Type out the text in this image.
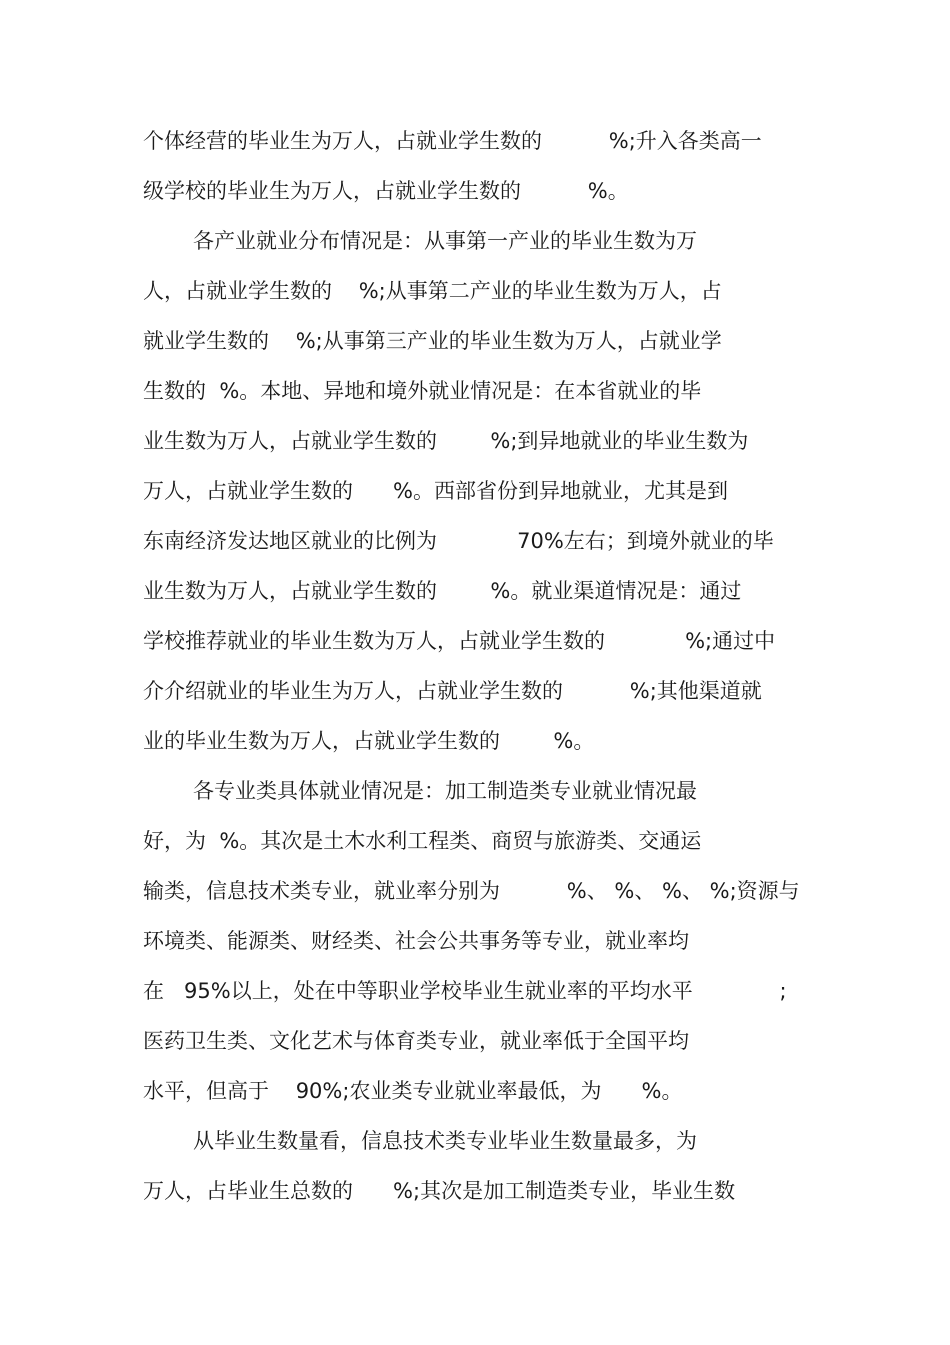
个体经营的毕业生为万人，占就业学生数的          %;升入各类高一
级学校的毕业生为万人，占就业学生数的          %。
各产业就业分布情况是：从事第一产业的毕业生数为万
人，占就业学生数的    %;从事第二产业的毕业生数为万人，占
就业学生数的    %;从事第三产业的毕业生数为万人，占就业学
生数的  %。本地、异地和境外就业情况是：在本省就业的毕
业生数为万人，占就业学生数的        %;到异地就业的毕业生数为
万人，占就业学生数的      %。西部省份到异地就业，尤其是到
东南经济发达地区就业的比例为            70%左右；到境外就业的毕
业生数为万人，占就业学生数的        %。就业渠道情况是：通过
学校推荐就业的毕业生数为万人，占就业学生数的            %;通过中
介介绍就业的毕业生为万人，占就业学生数的          %;其他渠道就
业的毕业生数为万人，占就业学生数的        %。
各专业类具体就业情况是：加工制造类专业就业情况最
好，为  %。其次是土木水利工程类、商贸与旅游类、交通运
输类，信息技术类专业，就业率分别为          %、 %、 %、 %;资源与
环境类、能源类、财经类、社会公共事务等专业，就业率均
在   95%以上，处在中等职业学校毕业生就业率的平均水平             ;
医药卫生类、文化艺术与体育类专业，就业率低于全国平均
水平，但高于    90%;农业类专业就业率最低，为      %。
从毕业生数量看，信息技术类专业毕业生数量最多，为
万人，占毕业生总数的      %;其次是加工制造类专业，毕业生数
